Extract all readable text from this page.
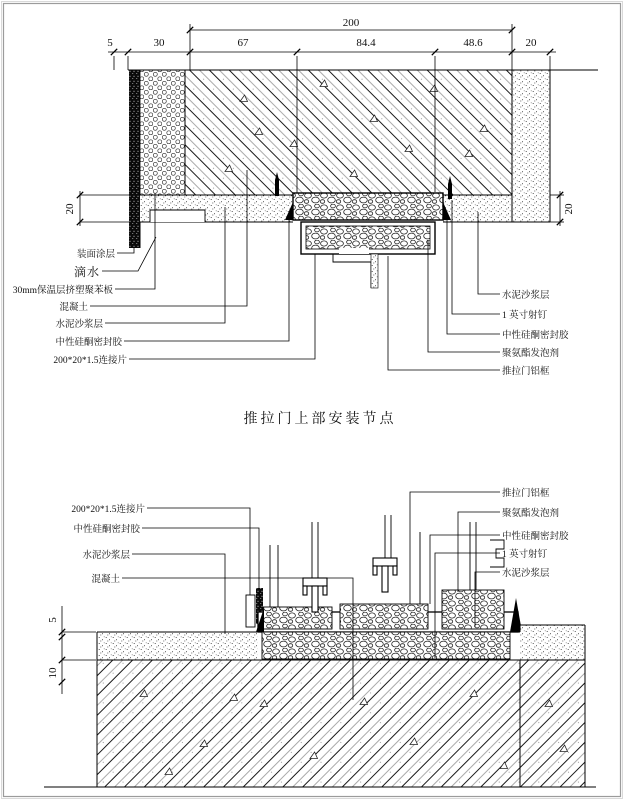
200
5	30	67	84.4	48.6	20
20	20
装面涂层
滴水
30mm保温层挤塑聚苯板
混凝土
水泥沙浆层
中性硅酮密封胶
200*20*1.5连接片
水泥沙浆层
1 英寸射钉
中性硅酮密封胶
聚氨酯发泡剂
推拉门铝框
推拉门上部安装节点
5
10
200*20*1.5连接片
中性硅酮密封胶
水泥沙浆层
混凝土
推拉门铝框
聚氨酯发泡剂
中性硅酮密封胶
1 英寸射钉
水泥沙浆层
